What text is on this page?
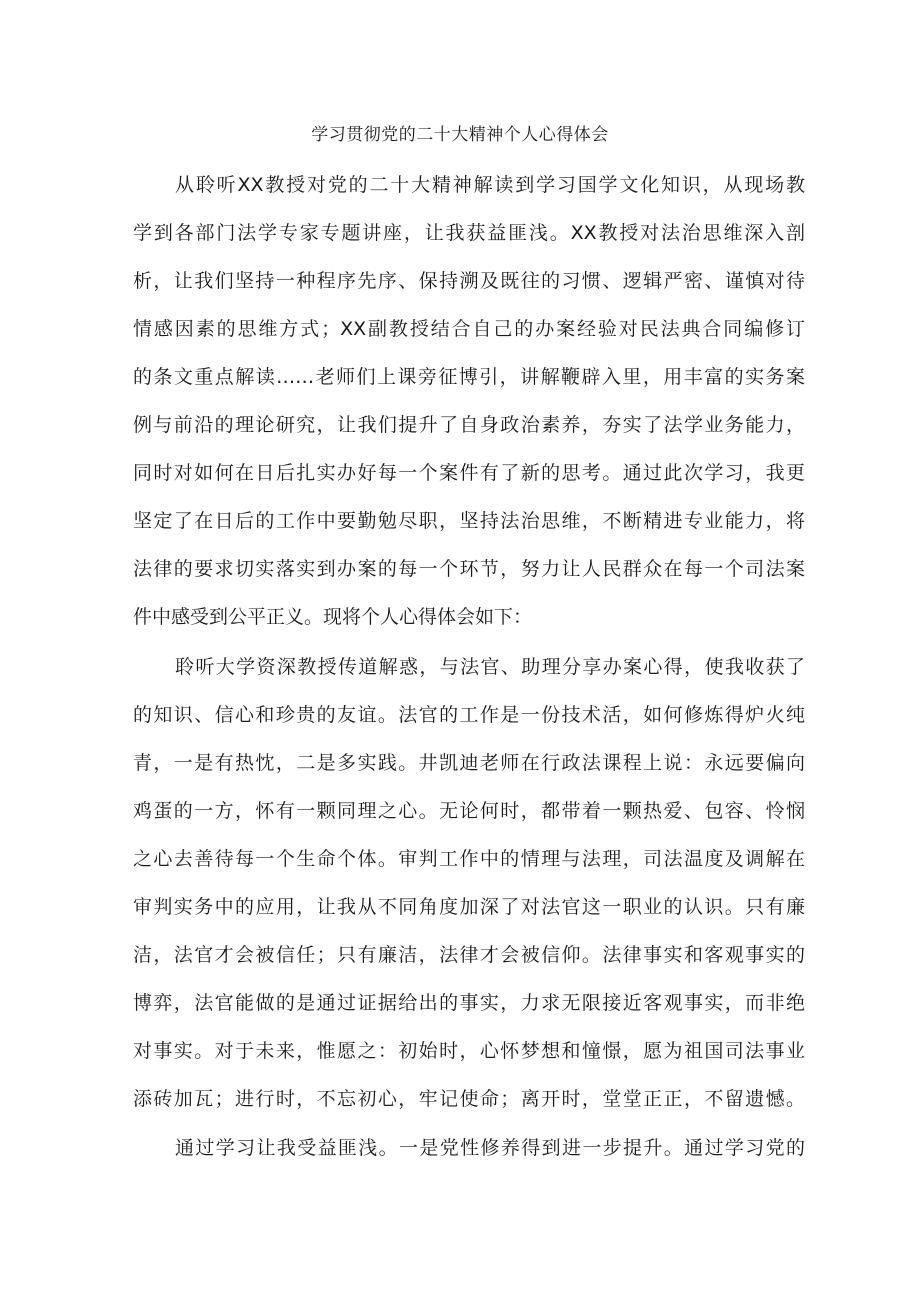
学习贯彻党的二十大精神个人心得体会
从聆听XX教授对党的二十大精神解读到学习国学文化知识，从现场教
学到各部门法学专家专题讲座，让我获益匪浅。XX教授对法治思维深入剖
析，让我们坚持一种程序先序、保持溯及既往的习惯、逻辑严密、谨慎对待
情感因素的思维方式；XX副教授结合自己的办案经验对民法典合同编修订
的条文重点解读……老师们上课旁征博引，讲解鞭辟入里，用丰富的实务案
例与前沿的理论研究，让我们提升了自身政治素养，夯实了法学业务能力，
同时对如何在日后扎实办好每一个案件有了新的思考。通过此次学习，我更
坚定了在日后的工作中要勤勉尽职，坚持法治思维，不断精进专业能力，将
法律的要求切实落实到办案的每一个环节，努力让人民群众在每一个司法案
件中感受到公平正义。现将个人心得体会如下：
聆听大学资深教授传道解惑，与法官、助理分享办案心得，使我收获了
的知识、信心和珍贵的友谊。法官的工作是一份技术活，如何修炼得炉火纯
青，一是有热忱，二是多实践。井凯迪老师在行政法课程上说：永远要偏向
鸡蛋的一方，怀有一颗同理之心。无论何时，都带着一颗热爱、包容、怜悯
之心去善待每一个生命个体。审判工作中的情理与法理，司法温度及调解在
审判实务中的应用，让我从不同角度加深了对法官这一职业的认识。只有廉
洁，法官才会被信任；只有廉洁，法律才会被信仰。法律事实和客观事实的
博弈，法官能做的是通过证据给出的事实，力求无限接近客观事实，而非绝
对事实。对于未来，惟愿之：初始时，心怀梦想和憧憬，愿为祖国司法事业
添砖加瓦；进行时，不忘初心，牢记使命；离开时，堂堂正正，不留遗憾。
通过学习让我受益匪浅。一是党性修养得到进一步提升。通过学习党的
